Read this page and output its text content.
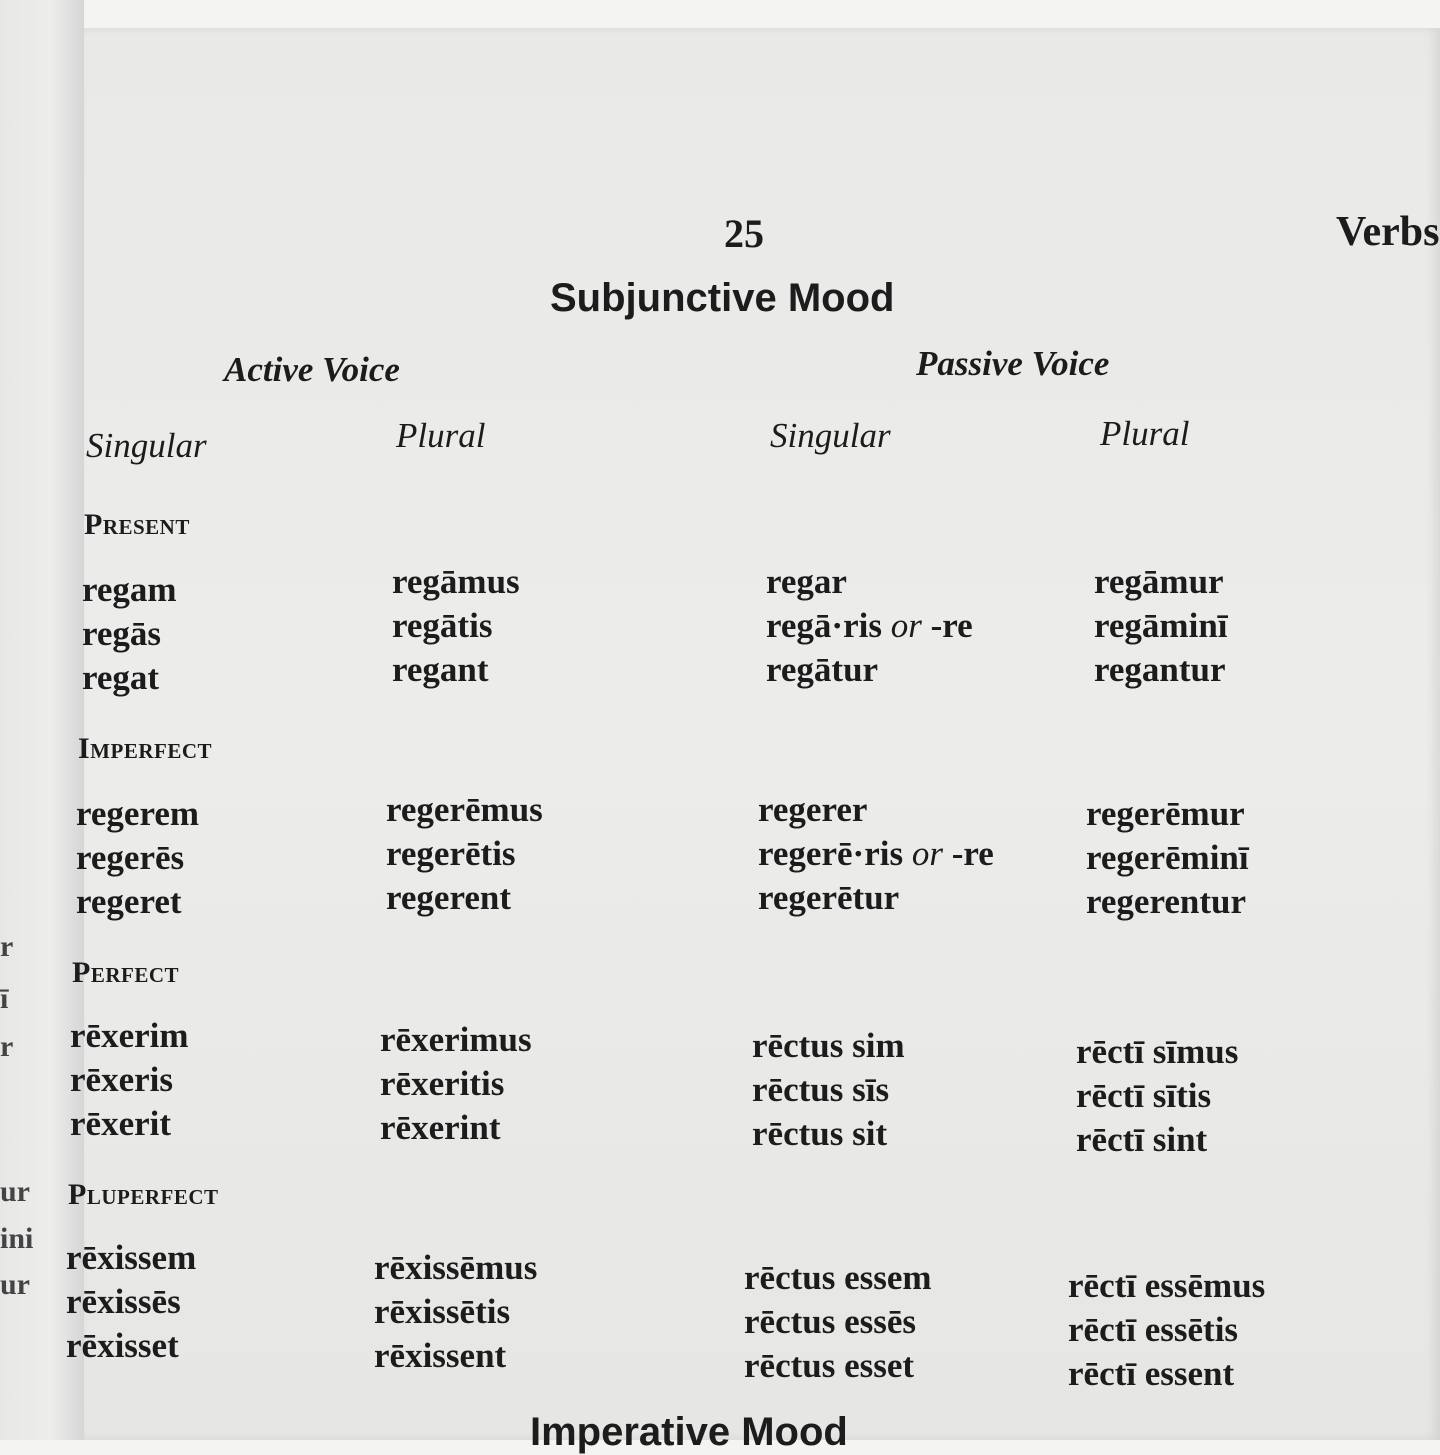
r
ī
r
ur
ini
ur
25	Verbs
Subjunctive Mood
Active Voice	Passive Voice
Singular	Plural	Singular	Plural
Present
regam	regāmus	regar	regāmur
regās	regātis	regā·ris or -re	regāminī
regat	regant	regātur	regantur
Imperfect
regerem	regerēmus	regerer	regerēmur
regerēs	regerētis	regerē·ris or -re	regerēminī
regeret	regerent	regerētur	regerentur
Perfect
rēxerim	rēxerimus	rēctus sim	rēctī sīmus
rēxeris	rēxeritis	rēctus sīs	rēctī sītis
rēxerit	rēxerint	rēctus sit	rēctī sint
Pluperfect
rēxissem	rēxissēmus	rēctus essem	rēctī essēmus
rēxissēs	rēxissētis	rēctus essēs	rēctī essētis
rēxisset	rēxissent	rēctus esset	rēctī essent
Imperative Mood
